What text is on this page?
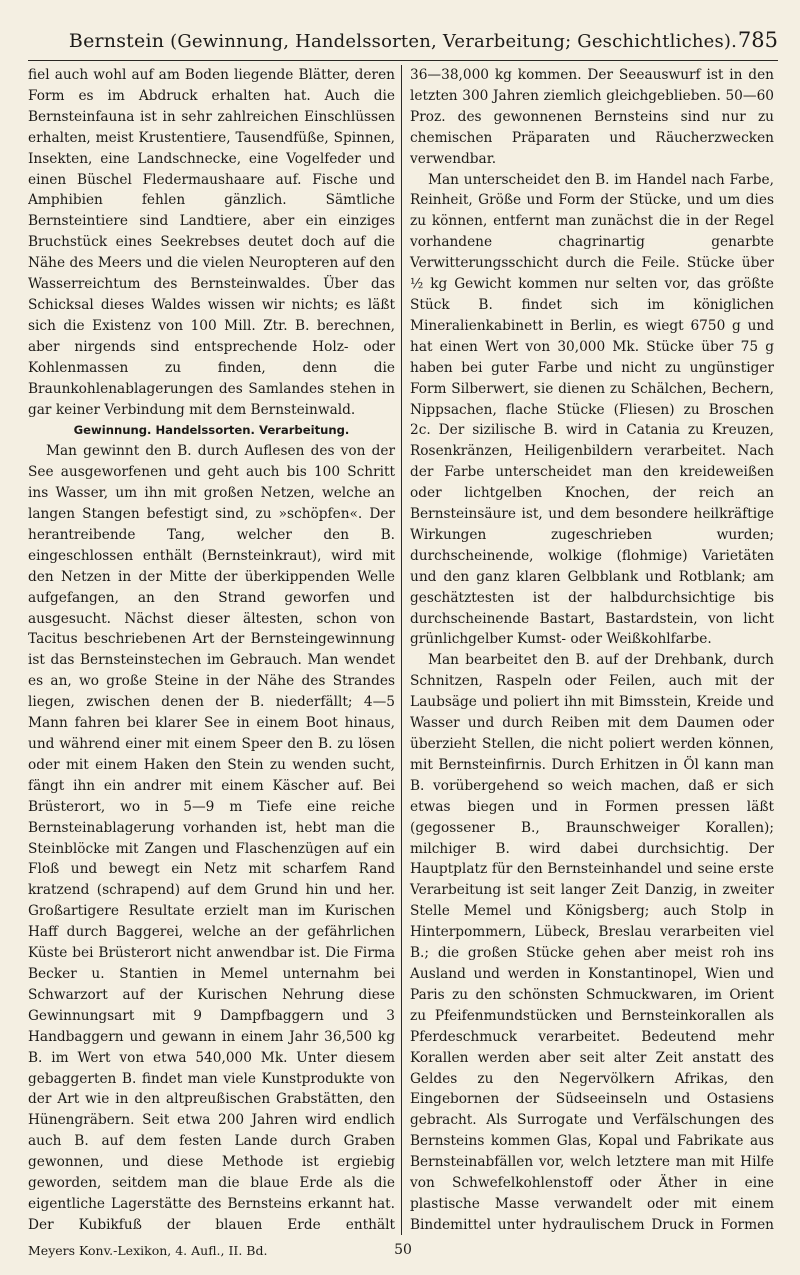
Bernstein (Gewinnung, Handelssorten, Verarbeitung; Geschichtliches). 785

fiel auch wohl auf am Boden liegende Blätter, deren Form es im Abdruck erhalten hat. Auch die Bernsteinfauna ist in sehr zahlreichen Einschlüssen erhalten, meist Krustentiere, Tausendfüße, Spinnen, Insekten, eine Landschnecke, eine Vogelfeder und einen Büschel Fledermaushaare auf. Fische und Amphibien fehlen gänzlich. Sämtliche Bernsteintiere sind Landtiere, aber ein einziges Bruchstück eines Seekrebses deutet doch auf die Nähe des Meers und die vielen Neuropteren auf den Wasserreichtum des Bernsteinwaldes. Über das Schicksal dieses Waldes wissen wir nichts; es läßt sich die Existenz von 100 Mill. Ztr. B. berechnen, aber nirgends sind entsprechende Holz- oder Kohlenmassen zu finden, denn die Braunkohlenablagerungen des Samlandes stehen in gar keiner Verbindung mit dem Bernsteinwald.

Gewinnung. Handelssorten. Verarbeitung.

Man gewinnt den B. durch Auflesen des von der See ausgeworfenen und geht auch bis 100 Schritt ins Wasser, um ihn mit großen Netzen, welche an langen Stangen befestigt sind, zu »schöpfen«. Der herantreibende Tang, welcher den B. eingeschlossen enthält (Bernsteinkraut), wird mit den Netzen in der Mitte der überkippenden Welle aufgefangen, an den Strand geworfen und ausgesucht. Nächst dieser ältesten, schon von Tacitus beschriebenen Art der Bernsteingewinnung ist das Bernsteinstechen im Gebrauch. Man wendet es an, wo große Steine in der Nähe des Strandes liegen, zwischen denen der B. niederfällt; 4—5 Mann fahren bei klarer See in einem Boot hinaus, und während einer mit einem Speer den B. zu lösen oder mit einem Haken den Stein zu wenden sucht, fängt ihn ein andrer mit einem Käscher auf. Bei Brüsterort, wo in 5—9 m Tiefe eine reiche Bernsteinablagerung vorhanden ist, hebt man die Steinblöcke mit Zangen und Flaschenzügen auf ein Floß und bewegt ein Netz mit scharfem Rand kratzend (schrapend) auf dem Grund hin und her. Großartigere Resultate erzielt man im Kurischen Haff durch Baggerei, welche an der gefährlichen Küste bei Brüsterort nicht anwendbar ist. Die Firma Becker u. Stantien in Memel unternahm bei Schwarzort auf der Kurischen Nehrung diese Gewinnungsart mit 9 Dampfbaggern und 3 Handbaggern und gewann in einem Jahr 36,500 kg B. im Wert von etwa 540,000 Mk. Unter diesem gebaggerten B. findet man viele Kunstprodukte von der Art wie in den altpreußischen Grabstätten, den Hünengräbern. Seit etwa 200 Jahren wird endlich auch B. auf dem festen Lande durch Graben gewonnen, und diese Methode ist ergiebig geworden, seitdem man die blaue Erde als die eigentliche Lagerstätte des Bernsteins erkannt hat. Der Kubikfuß der blauen Erde enthält

36—38,000 kg kommen. Der Seeauswurf ist in den letzten 300 Jahren ziemlich gleichgeblieben. 50—60 Proz. des gewonnenen Bernsteins sind nur zu chemischen Präparaten und Räucherzwecken verwendbar.

Man unterscheidet den B. im Handel nach Farbe, Reinheit, Größe und Form der Stücke, und um dies zu können, entfernt man zunächst die in der Regel vorhandene chagrinartig genarbte Verwitterungsschicht durch die Feile. Stücke über ½ kg Gewicht kommen nur selten vor, das größte Stück B. findet sich im königlichen Mineralienkabinett in Berlin, es wiegt 6750 g und hat einen Wert von 30,000 Mk. Stücke über 75 g haben bei guter Farbe und nicht zu ungünstiger Form Silberwert, sie dienen zu Schälchen, Bechern, Nippsachen, flache Stücke (Fliesen) zu Broschen 2c. Der sizilische B. wird in Catania zu Kreuzen, Rosenkränzen, Heiligenbildern verarbeitet. Nach der Farbe unterscheidet man den kreideweißen oder lichtgelben Knochen, der reich an Bernsteinsäure ist, und dem besondere heilkräftige Wirkungen zugeschrieben wurden; durchscheinende, wolkige (flohmige) Varietäten und den ganz klaren Gelbblank und Rotblank; am geschätztesten ist der halbdurchsichtige bis durchscheinende Bastart, Bastardstein, von licht grünlichgelber Kumst- oder Weißkohlfarbe.

Man bearbeitet den B. auf der Drehbank, durch Schnitzen, Raspeln oder Feilen, auch mit der Laubsäge und poliert ihn mit Bimsstein, Kreide und Wasser und durch Reiben mit dem Daumen oder überzieht Stellen, die nicht poliert werden können, mit Bernsteinfirnis. Durch Erhitzen in Öl kann man B. vorübergehend so weich machen, daß er sich etwas biegen und in Formen pressen läßt (gegossener B., Braunschweiger Korallen); milchiger B. wird dabei durchsichtig. Der Hauptplatz für den Bernsteinhandel und seine erste Verarbeitung ist seit langer Zeit Danzig, in zweiter Stelle Memel und Königsberg; auch Stolp in Hinterpommern, Lübeck, Breslau verarbeiten viel B.; die großen Stücke gehen aber meist roh ins Ausland und werden in Konstantinopel, Wien und Paris zu den schönsten Schmuckwaren, im Orient zu Pfeifenmundstücken und Bernsteinkorallen als Pferdeschmuck verarbeitet. Bedeutend mehr Korallen werden aber seit alter Zeit anstatt des Geldes zu den Negervölkern Afrikas, den Eingebornen der Südseeinseln und Ostasiens gebracht. Als Surrogate und Verfälschungen des Bernsteins kommen Glas, Kopal und Fabrikate aus Bernsteinabfällen vor, welch letztere man mit Hilfe von Schwefelkohlenstoff oder Äther in eine plastische Masse verwandelt oder mit einem Bindemittel unter hydraulischem Druck in Formen

Meyers Konv.-Lexikon, 4. Aufl., II. Bd.	50
